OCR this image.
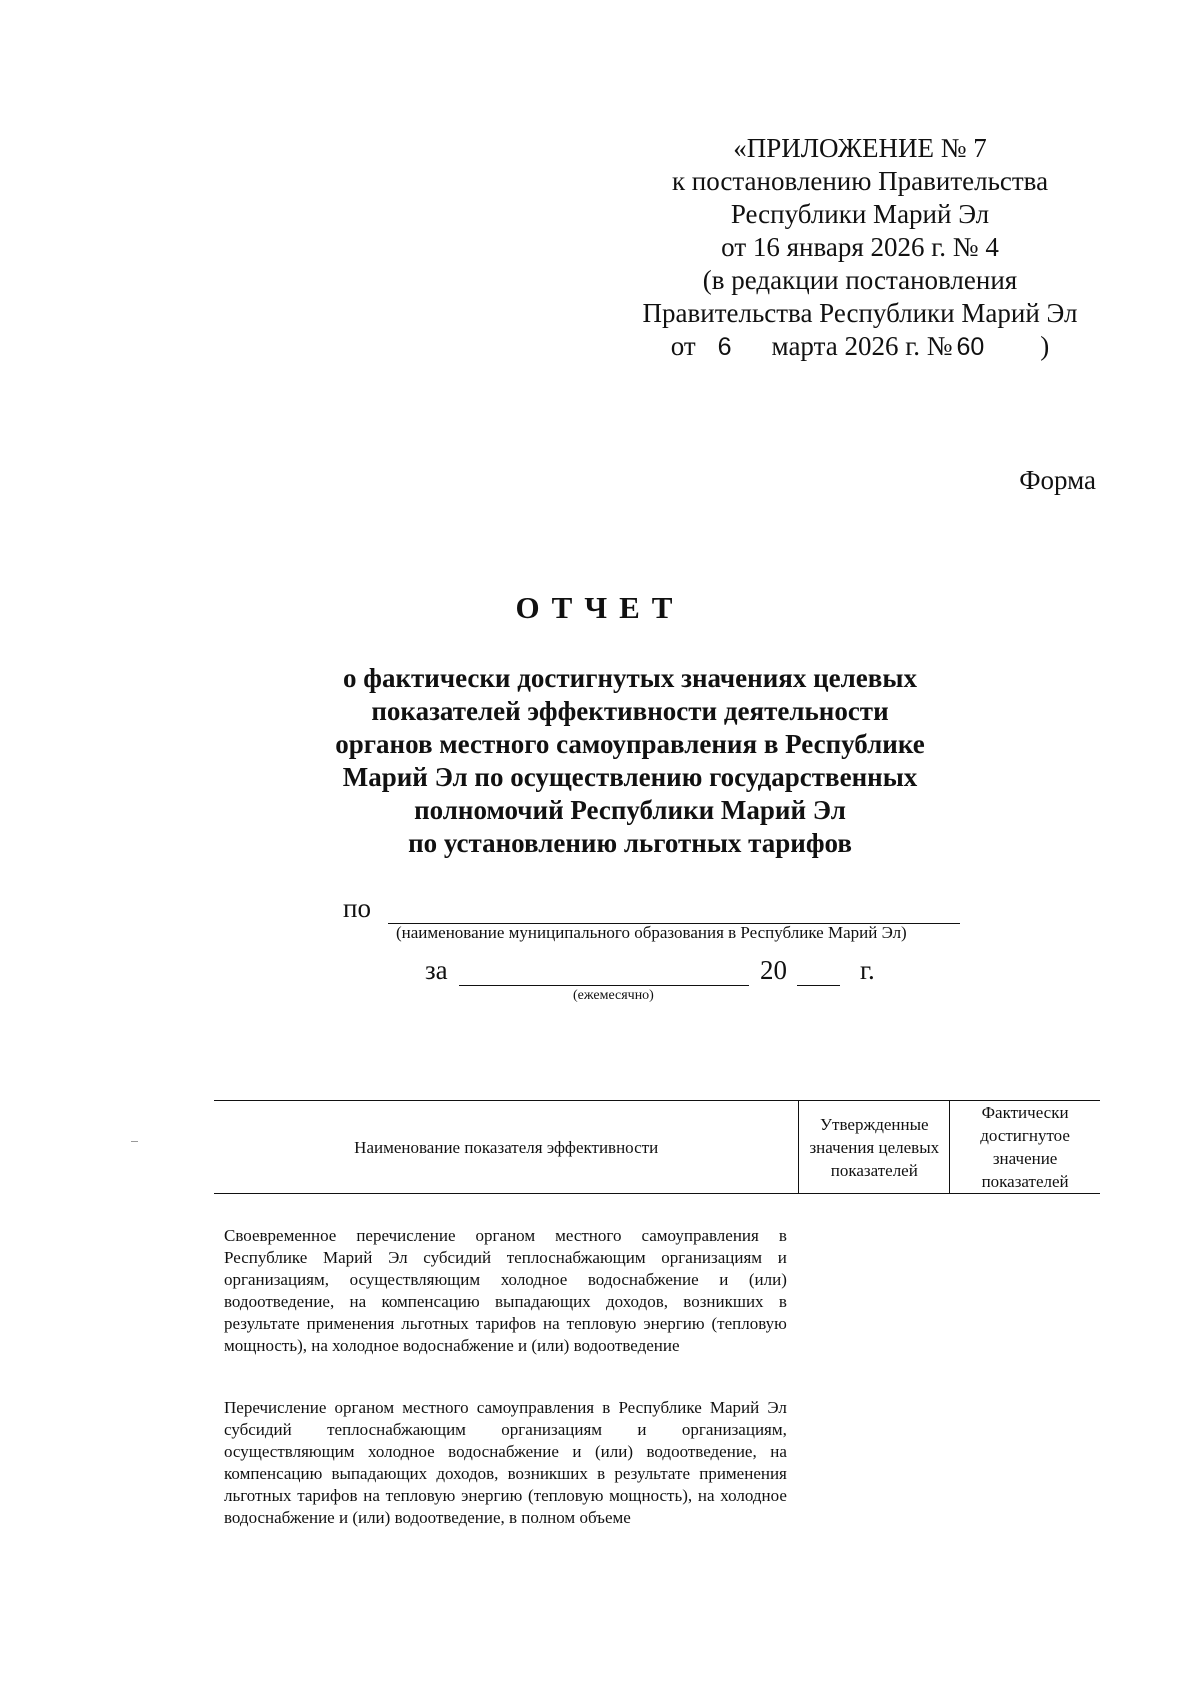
«ПРИЛОЖЕНИЕ № 7
к постановлению Правительства
Республики Марий Эл
от 16 января 2026 г. № 4
(в редакции постановления
Правительства Республики Марий Эл
от 6 марта 2026 г. № 60 )
Форма
ОТЧЕТ
о фактически достигнутых значениях целевых
показателей эффективности деятельности
органов местного самоуправления в Республике
Марий Эл по осуществлению государственных
полномочий Республики Марий Эл
по установлению льготных тарифов
по
(наименование муниципального образования в Республике Марий Эл)
за	20	г.
(ежемесячно)
Наименование показателя эффективности	Утвержденные значения целевых показателей	Фактически достигнутое значение показателей
Своевременное перечисление органом местного самоуправления в Республике Марий Эл субсидий теплоснабжающим организациям и организациям, осуществляющим холодное водоснабжение и (или) водоотведение, на компенсацию выпадающих доходов, возникших в результате применения льготных тарифов на тепловую энергию (тепловую мощность), на холодное водоснабжение и (или) водоотведение		
Перечисление органом местного самоуправления в Республике Марий Эл субсидий теплоснабжающим организациям и организациям, осуществляющим холодное водоснабжение и (или) водоотведение, на компенсацию выпадающих доходов, возникших в результате применения льготных тарифов на тепловую энергию (тепловую мощность), на холодное водоснабжение и (или) водоотведение, в полном объеме		
